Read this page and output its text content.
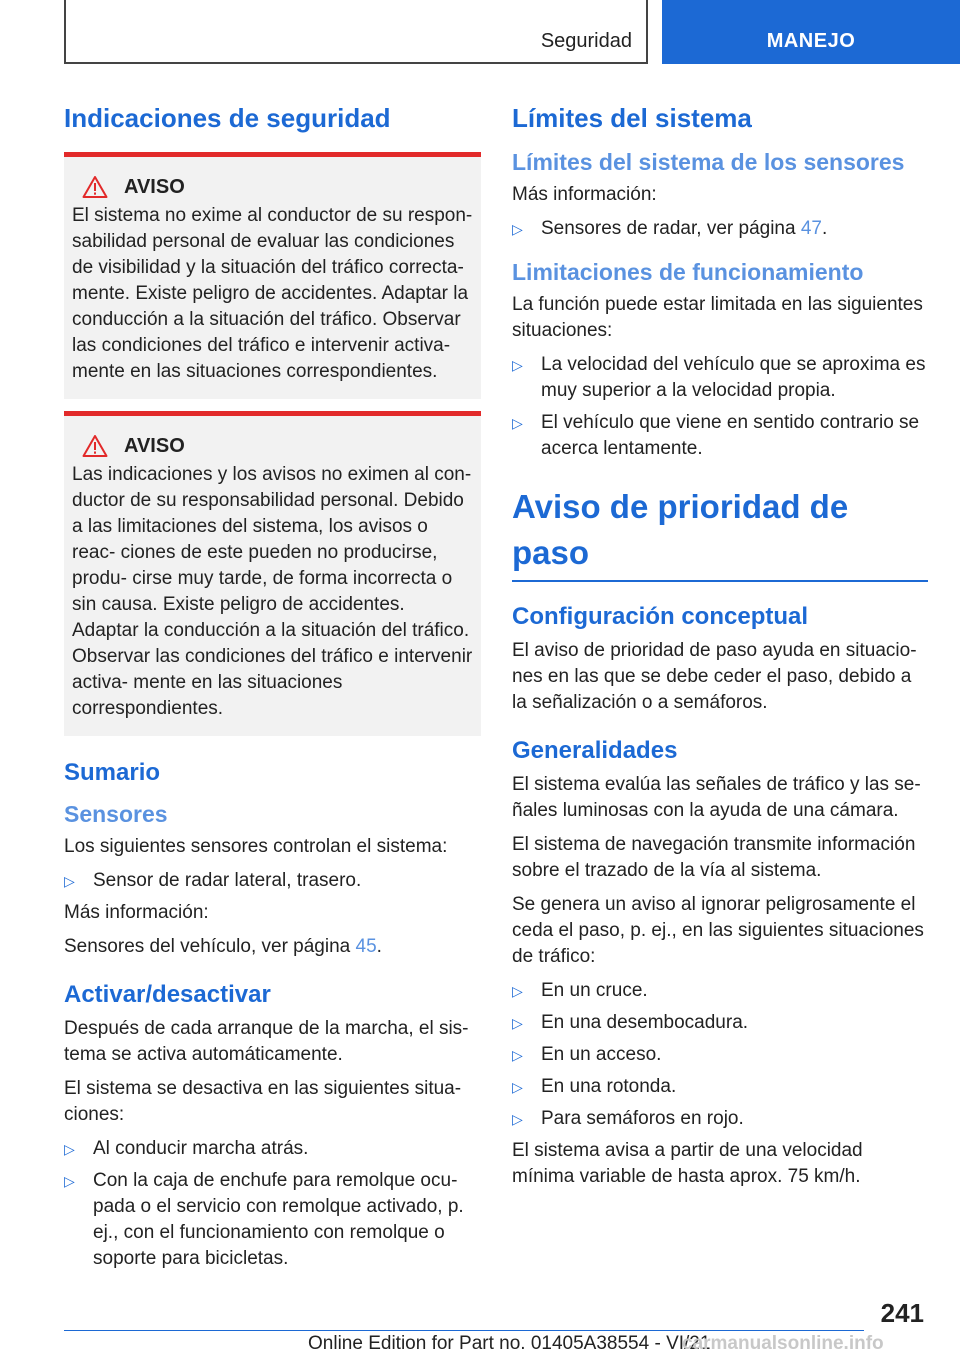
Seguridad	MANEJO
Indicaciones de seguridad
AVISO

El sistema no exime al conductor de su respon‐ sabilidad personal de evaluar las condiciones de visibilidad y la situación del tráfico correcta‐ mente. Existe peligro de accidentes. Adaptar la conducción a la situación del tráfico. Observar las condiciones del tráfico e intervenir activa‐ mente en las situaciones correspondientes.

AVISO

Las indicaciones y los avisos no eximen al con‐ ductor de su responsabilidad personal. Debido a las limitaciones del sistema, los avisos o reac‐ ciones de este pueden no producirse, produ‐ cirse muy tarde, de forma incorrecta o sin causa. Existe peligro de accidentes. Adaptar la conducción a la situación del tráfico. Observar las condiciones del tráfico e intervenir activa‐ mente en las situaciones correspondientes.

Sumario
Sensores

Los siguientes sensores controlan el sistema:

▷ Sensor de radar lateral, trasero.

Más información:

Sensores del vehículo, ver página 45.

Activar/desactivar

Después de cada arranque de la marcha, el sis‐ tema se activa automáticamente.

El sistema se desactiva en las siguientes situa‐ ciones:

▷ Al conducir marcha atrás.
▷ Con la caja de enchufe para remolque ocu‐ pada o el servicio con remolque activado, p. ej., con el funcionamiento con remolque o soporte para bicicletas.
Límites del sistema
Límites del sistema de los sensores

Más información:

▷ Sensores de radar, ver página 47.
Limitaciones de funcionamiento

La función puede estar limitada en las siguientes situaciones:

▷ La velocidad del vehículo que se aproxima es muy superior a la velocidad propia.
▷ El vehículo que viene en sentido contrario se acerca lentamente.
Aviso de prioridad de paso
Configuración conceptual

El aviso de prioridad de paso ayuda en situacio‐ nes en las que se debe ceder el paso, debido a la señalización o a semáforos.

Generalidades

El sistema evalúa las señales de tráfico y las se‐ ñales luminosas con la ayuda de una cámara.

El sistema de navegación transmite información sobre el trazado de la vía al sistema.

Se genera un aviso al ignorar peligrosamente el ceda el paso, p. ej., en las siguientes situaciones de tráfico:

▷ En un cruce.
▷ En una desembocadura.
▷ En un acceso.
▷ En una rotonda.
▷ Para semáforos en rojo.

El sistema avisa a partir de una velocidad mínima variable de hasta aprox. 75 km/h.

241
Online Edition for Part no. 01405A38554 - VI/21
carmanualsonline.info
